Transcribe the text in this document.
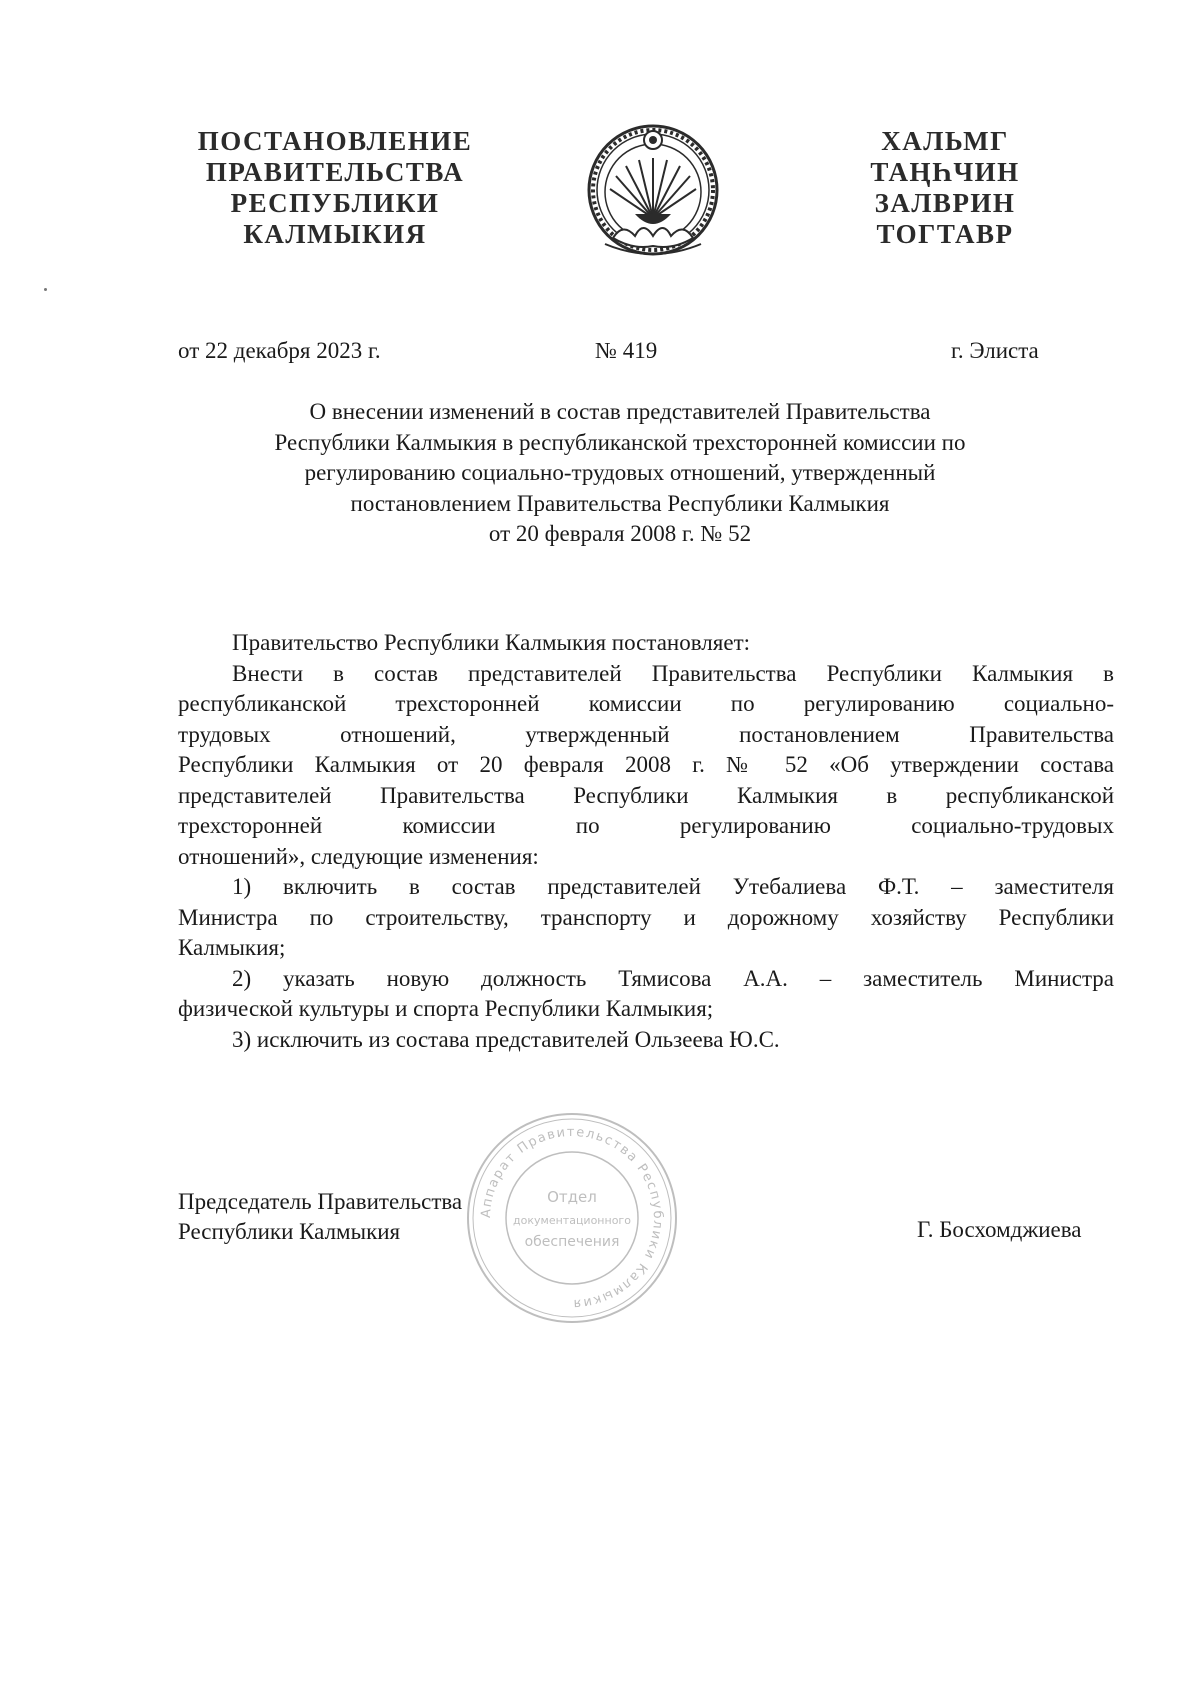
ПОСТАНОВЛЕНИЕ
ПРАВИТЕЛЬСТВА
РЕСПУБЛИКИ
КАЛМЫКИЯ
ХАЛЬМГ
ТАҢҺЧИН
ЗАЛВРИН
ТОГТАВР
от 22 декабря 2023 г.	№ 419	г. Элиста
О внесении изменений в состав представителей Правительства
Республики Калмыкия в республиканской трехсторонней комиссии по
регулированию социально-трудовых отношений, утвержденный
постановлением Правительства Республики Калмыкия
от 20 февраля 2008 г. № 52

Правительство Республики Калмыкия постановляет:

Внести в состав представителей Правительства Республики Калмыкия в
республиканской трехсторонней комиссии по регулированию социально-
трудовых отношений, утвержденный постановлением Правительства
Республики Калмыкия от 20 февраля 2008 г. № 52 «Об утверждении состава
представителей Правительства Республики Калмыкия в республиканской
трехсторонней комиссии по регулированию социально-трудовых
отношений», следующие изменения:
1) включить в состав представителей Утебалиева Ф.Т. – заместителя
Министра по строительству, транспорту и дорожному хозяйству Республики
Калмыкия;
2) указать новую должность Тямисова А.А. – заместитель Министра
физической культуры и спорта Республики Калмыкия;
3) исключить из состава представителей Ользеева Ю.С.
Аппарат Правительства Республики Калмыкия
Отдел
документационного
обеспечения
Председатель Правительства
Республики Калмыкия	Г. Босхомджиева
